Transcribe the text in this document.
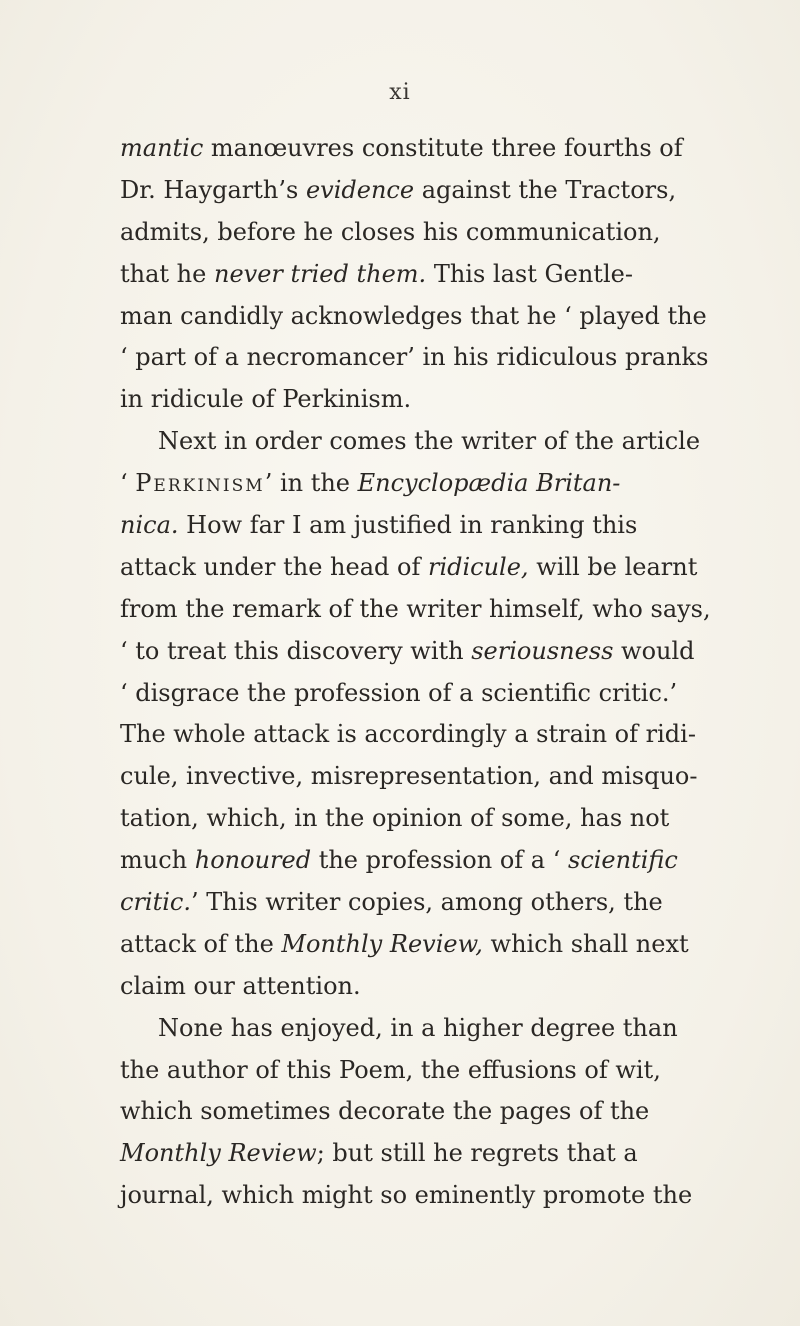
xi
mantic manœuvres constitute three fourths of
Dr. Haygarth’s evidence against the Tractors,
admits, before he closes his communication,
that he never tried them. This last Gentle-
man candidly acknowledges that he ‘ played the
‘ part of a necromancer’ in his ridiculous pranks
in ridicule of Perkinism.
Next in order comes the writer of the article
‘ Perkinism’ in the Encyclopædia Britan-
nica. How far I am justified in ranking this
attack under the head of ridicule, will be learnt
from the remark of the writer himself, who says,
‘ to treat this discovery with seriousness would
‘ disgrace the profession of a scientific critic.’
The whole attack is accordingly a strain of ridi-
cule, invective, misrepresentation, and misquo-
tation, which, in the opinion of some, has not
much honoured the profession of a ‘ scientific
critic.’ This writer copies, among others, the
attack of the Monthly Review, which shall next
claim our attention.
None has enjoyed, in a higher degree than
the author of this Poem, the effusions of wit,
which sometimes decorate the pages of the
Monthly Review; but still he regrets that a
journal, which might so eminently promote the
